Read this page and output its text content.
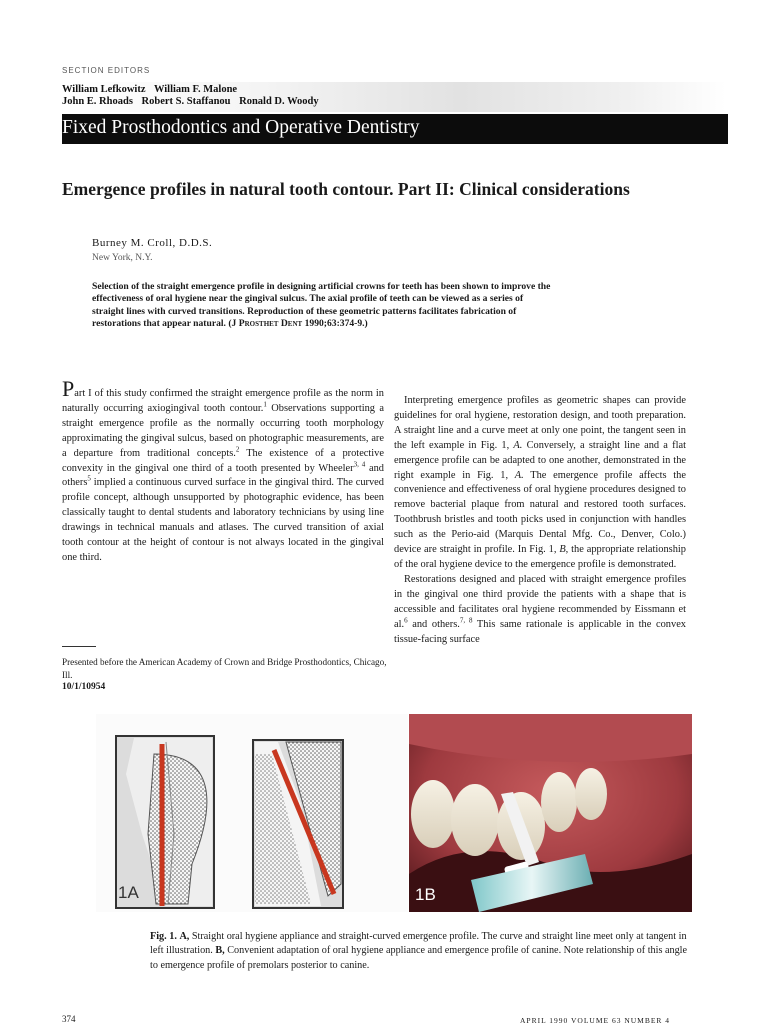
SECTION EDITORS
William Lefkowitz William F. Malone
John E. Rhoads Robert S. Staffanou Ronald D. Woody
Fixed Prosthodontics and Operative Dentistry
Emergence profiles in natural tooth contour. Part II: Clinical considerations
Burney M. Croll, D.D.S.
New York, N.Y.

Selection of the straight emergence profile in designing artificial crowns for teeth has been shown to improve the effectiveness of oral hygiene near the gingival sulcus. The axial profile of teeth can be viewed as a series of straight lines with curved transitions. Reproduction of these geometric patterns facilitates fabrication of restorations that appear natural. (J Prosthet Dent 1990;63:374-9.)

Part I of this study confirmed the straight emergence profile as the norm in naturally occurring axiogingival tooth contour.$^1$ Observations supporting a straight emergence profile as the normally occurring tooth morphology approximating the gingival sulcus, based on photographic measurements, are a departure from traditional concepts.$^2$ The existence of a protective convexity in the gingival one third of a tooth presented by Wheeler$^{3, 4}$ and others$^5$ implied a continuous curved surface in the gingival third. The curved profile concept, although unsupported by photographic evidence, has been classically taught to dental students and laboratory technicians by using line drawings in technical manuals and atlases. The curved transition of axial tooth contour at the height of contour is not always located in the gingival one third.

Interpreting emergence profiles as geometric shapes can provide guidelines for oral hygiene, restoration design, and tooth preparation. A straight line and a curve meet at only one point, the tangent seen in the left example in Fig. 1, A. Conversely, a straight line and a flat emergence profile can be adapted to one another, demonstrated in the right example in Fig. 1, A. The emergence profile affects the convenience and effectiveness of oral hygiene procedures designed to remove bacterial plaque from natural and restored tooth surfaces. Toothbrush bristles and tooth picks used in conjunction with handles such as the Perio-aid (Marquis Dental Mfg. Co., Denver, Colo.) device are straight in profile. In Fig. 1, B, the appropriate relationship of the oral hygiene device to the emergence profile is demonstrated.

Restorations designed and placed with straight emergence profiles in the gingival one third provide the patients with a shape that is accessible and facilitates oral hygiene recommended by Eissmann et al.$^6$ and others.$^{7, 8}$ This same rationale is applicable in the convex tissue-facing surface

Presented before the American Academy of Crown and Bridge Prosthodontics, Chicago, Ill.

10/1/10954
1A	1B

Fig. 1. A, Straight oral hygiene appliance and straight-curved emergence profile. The curve and straight line meet only at tangent in left illustration. B, Convenient adaptation of oral hygiene appliance and emergence profile of canine. Note relationship of this angle to emergence profile of premolars posterior to canine.

374	APRIL 1990 VOLUME 63 NUMBER 4
